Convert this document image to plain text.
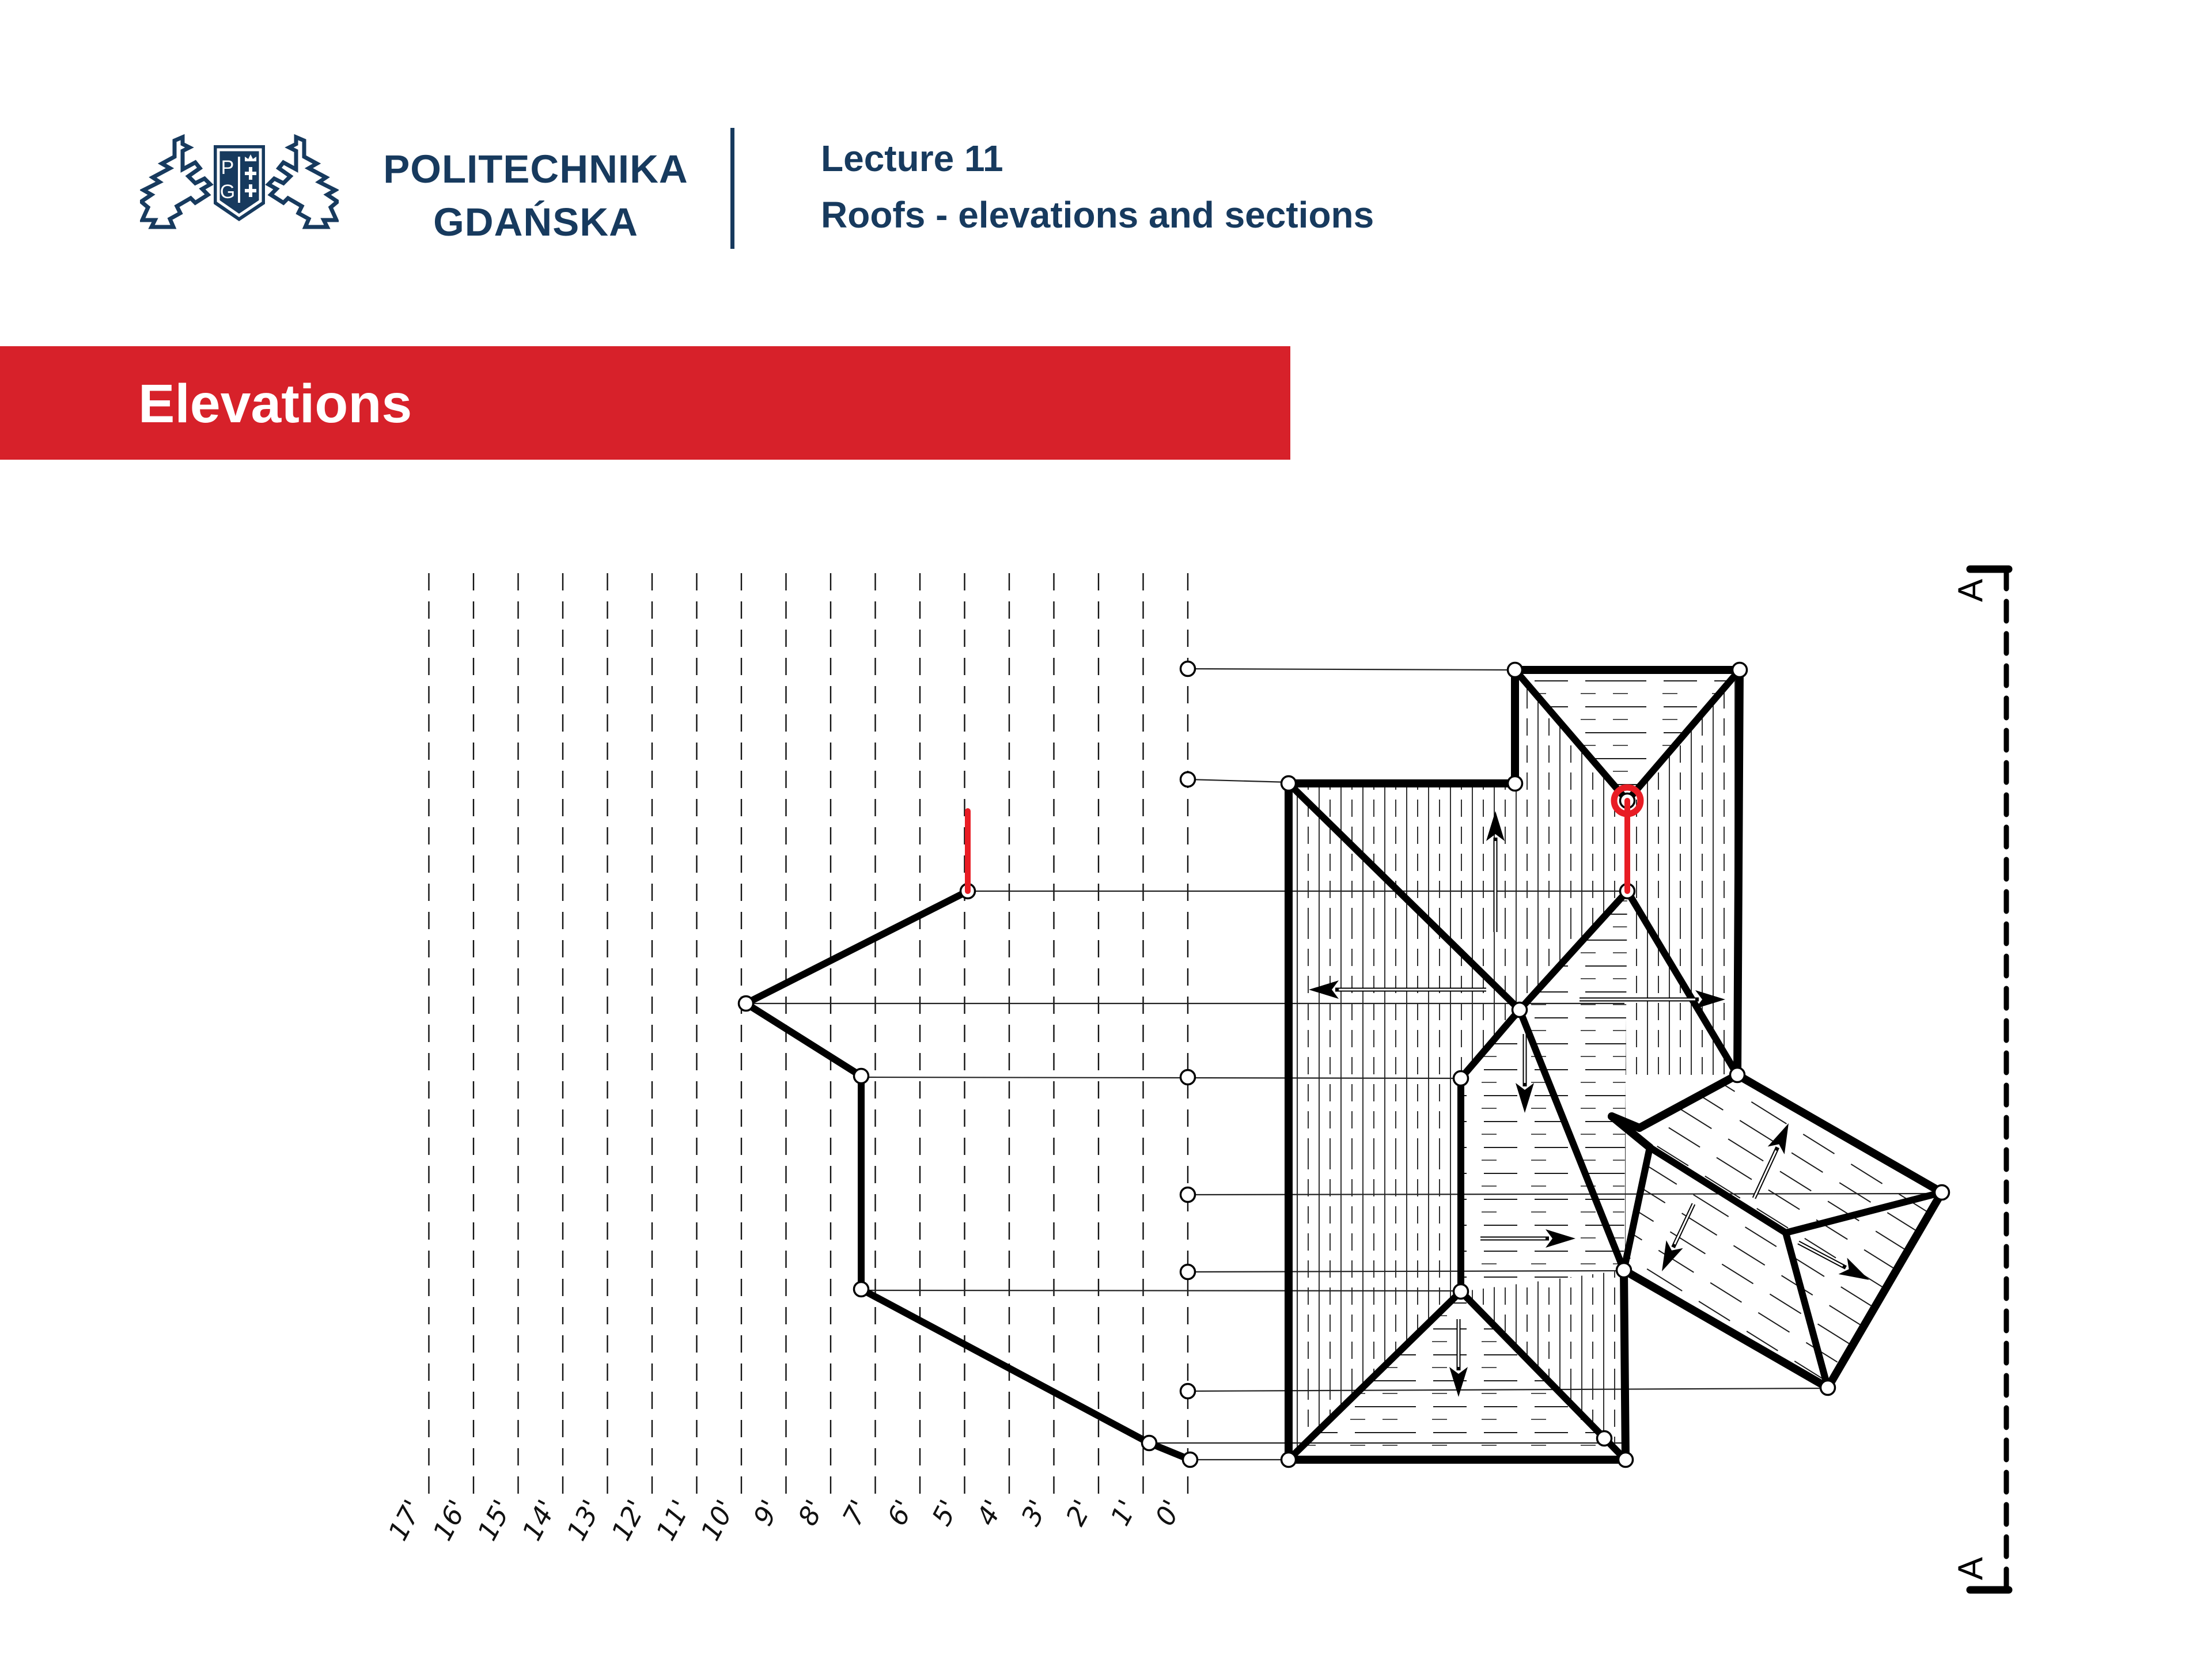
P
G
POLITECHNIKA
GDAŃSKA
Lecture 11
Roofs - elevations and sections
Elevations
A
A
17'
16'
15'
14'
13'
12'
11'
10' 9' 8' 7' 6' 5' 4' 3' 2' 1' 0'
